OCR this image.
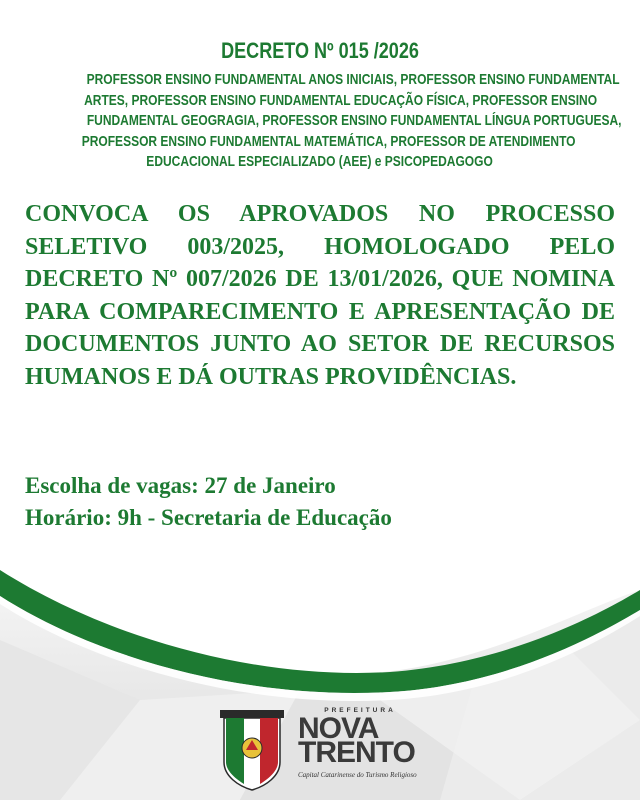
DECRETO Nº 015 /2026
PROFESSOR ENSINO FUNDAMENTAL ANOS INICIAIS, PROFESSOR ENSINO FUNDAMENTAL
ARTES, PROFESSOR ENSINO FUNDAMENTAL EDUCAÇÃO FÍSICA, PROFESSOR ENSINO
FUNDAMENTAL GEOGRAGIA, PROFESSOR ENSINO FUNDAMENTAL LÍNGUA PORTUGUESA,
PROFESSOR ENSINO FUNDAMENTAL MATEMÁTICA, PROFESSOR DE ATENDIMENTO
EDUCACIONAL ESPECIALIZADO (AEE) e PSICOPEDAGOGO
CONVOCA OS APROVADOS NO PROCESSO SELETIVO 003/2025, HOMOLOGADO PELO DECRETO Nº 007/2026 DE 13/01/2026, QUE NOMINA PARA COMPARECIMENTO E APRESENTAÇÃO DE DOCUMENTOS JUNTO AO SETOR DE RECURSOS HUMANOS E DÁ OUTRAS PROVIDÊNCIAS.
Escolha de vagas: 27 de Janeiro
Horário: 9h - Secretaria de Educação
PREFEITURA
NOVA
TRENTO
Capital Catarinense do Turismo Religioso
